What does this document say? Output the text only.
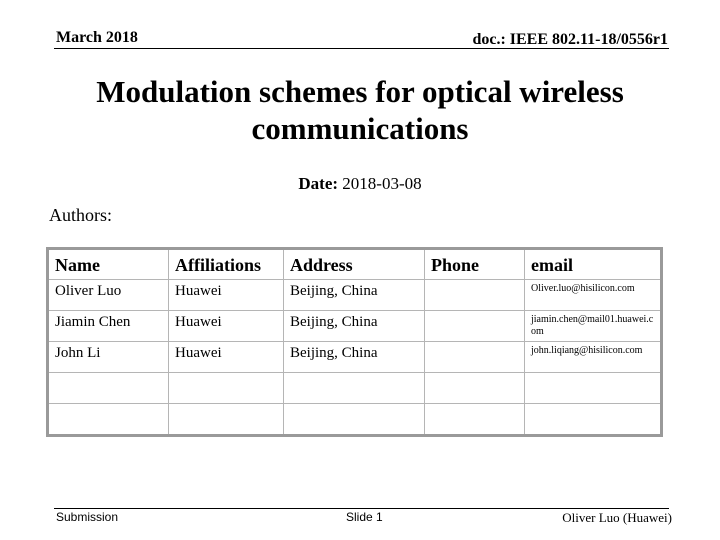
March 2018	doc.: IEEE 802.11-18/0556r1
Modulation schemes for optical wireless communications
Date: 2018-03-08
Authors:
Name	Affiliations	Address	Phone	email
Oliver Luo	Huawei	Beijing, China		Oliver.luo@hisilicon.com
Jiamin Chen	Huawei	Beijing, China		jiamin.chen@mail01.huawei.com
John Li	Huawei	Beijing, China		john.liqiang@hisilicon.com

Submission	Slide 1	Oliver Luo (Huawei)
